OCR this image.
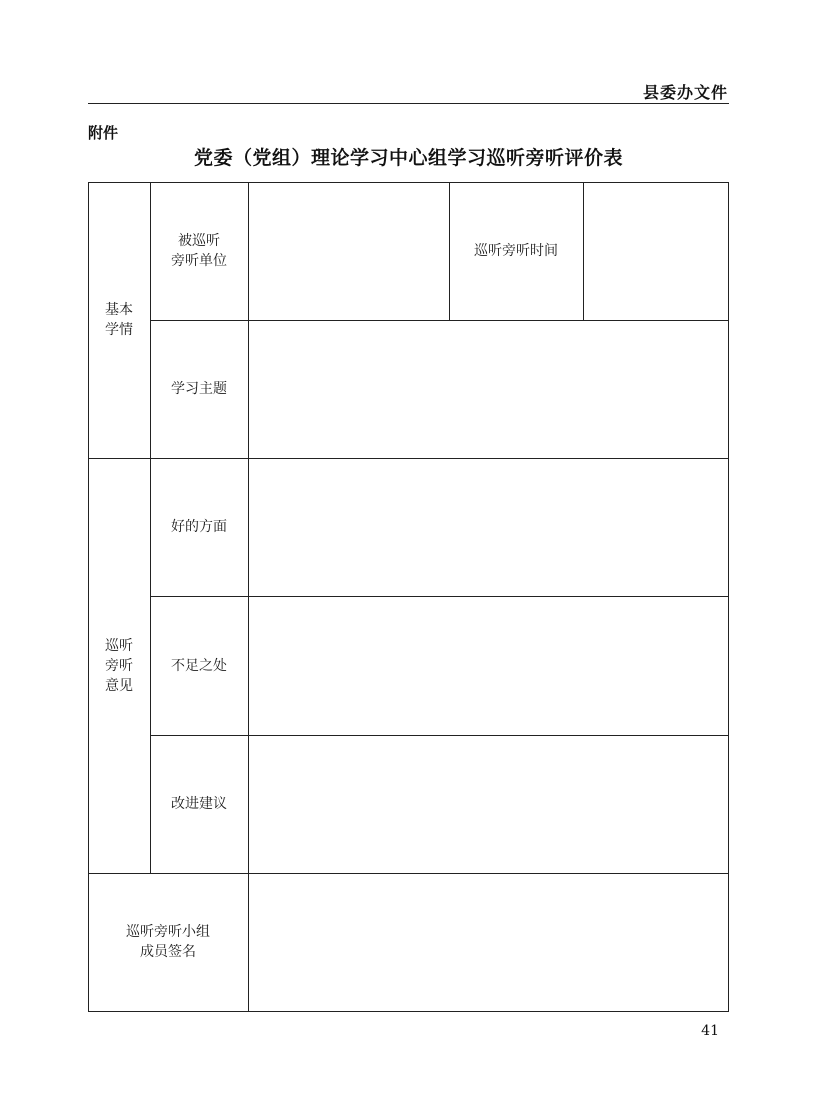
县委办文件
附件
党委（党组）理论学习中心组学习巡听旁听评价表
基本
学情
被巡听
旁听单位
巡听旁听时间
学习主题
巡听
旁听
意见
好的方面
不足之处
改进建议
巡听旁听小组
成员签名
41
